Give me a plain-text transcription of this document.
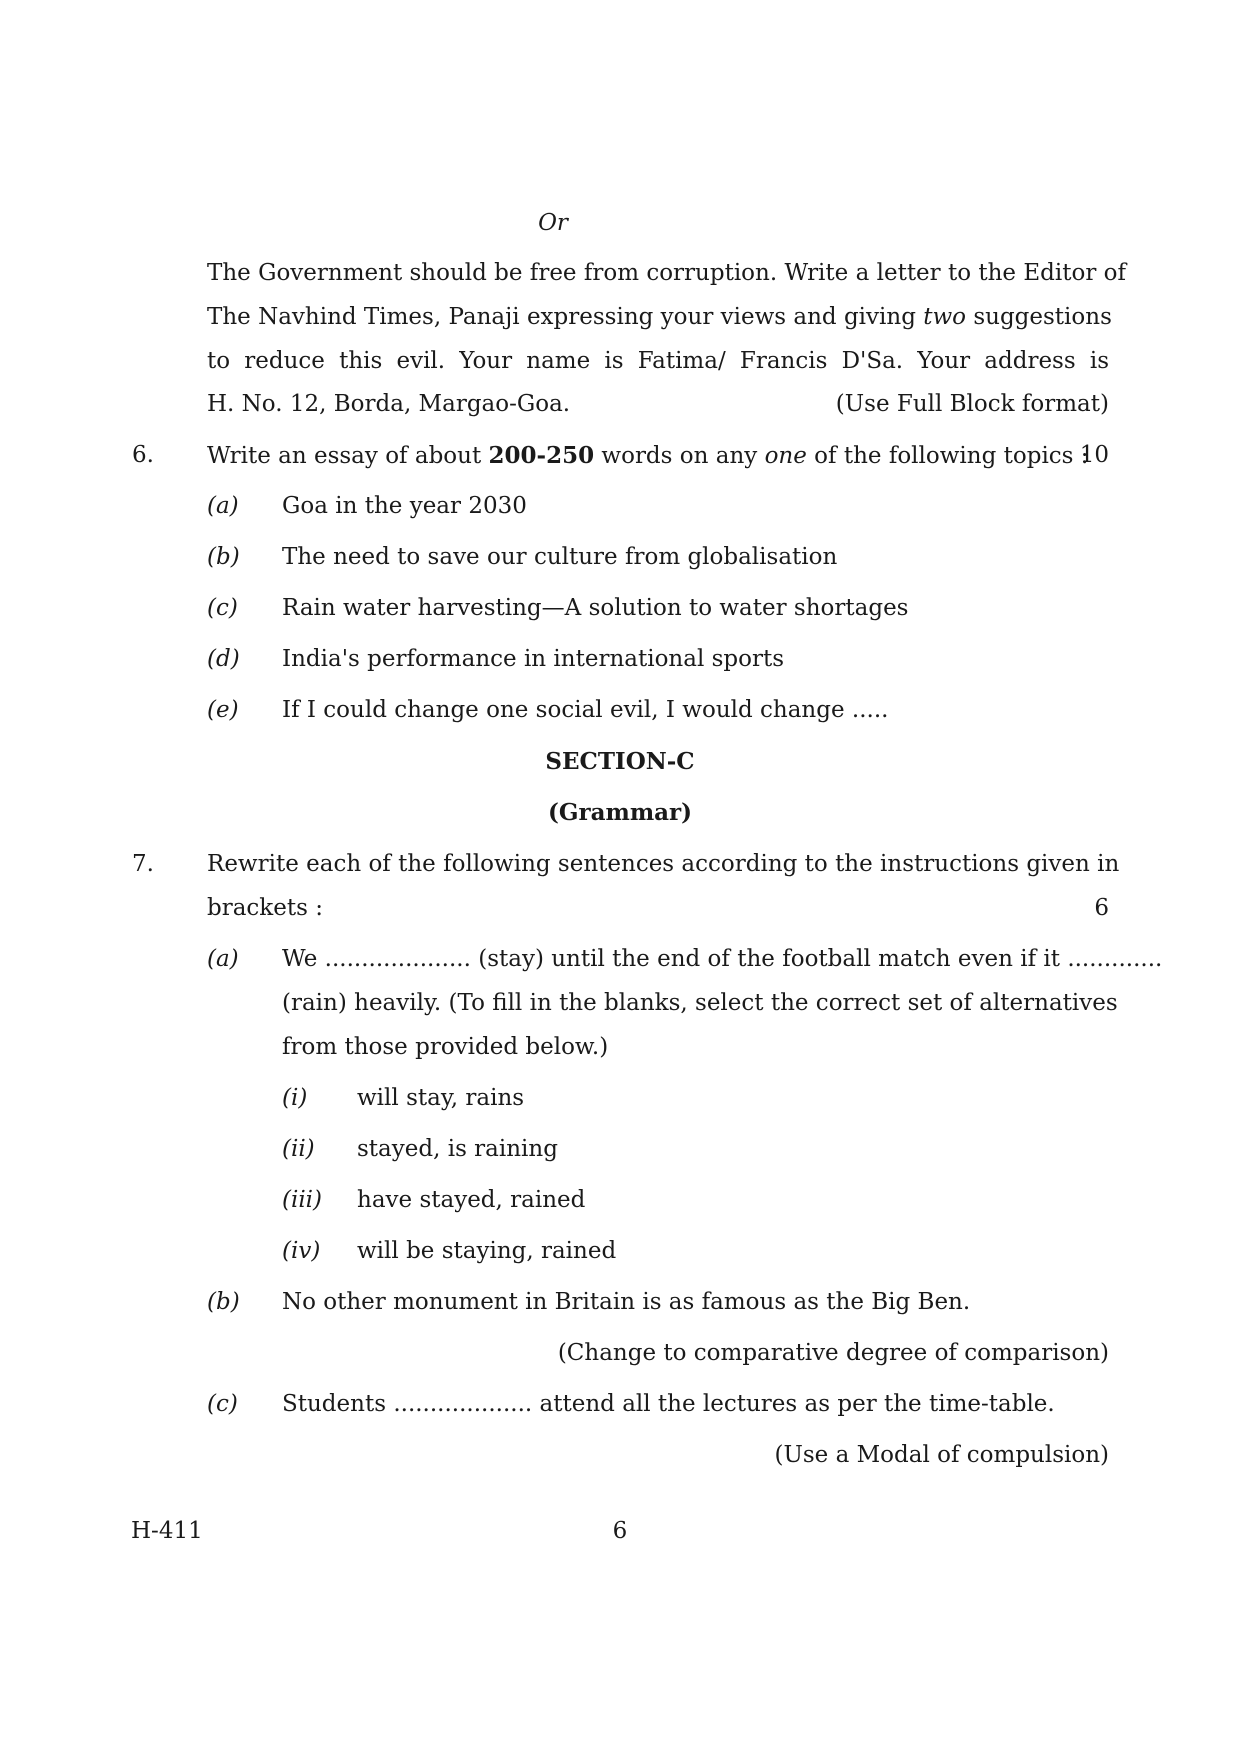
Or
The Government should be free from corruption. Write a letter to the Editor of
The Navhind Times, Panaji expressing your views and giving two suggestions
to reduce this evil. Your name is Fatima/ Francis D'Sa. Your address is
H. No. 12, Borda, Margao-Goa.	(Use Full Block format)
6. Write an essay of about 200-250 words on any one of the following topics :
10
(a) Goa in the year 2030
(b) The need to save our culture from globalisation
(c) Rain water harvesting—A solution to water shortages
(d) India's performance in international sports
(e) If I could change one social evil, I would change .....
SECTION-C
(Grammar)
7. Rewrite each of the following sentences according to the instructions given in
brackets :	6
(a) We .................... (stay) until the end of the football match even if it .............
(rain) heavily. (To fill in the blanks, select the correct set of alternatives
from those provided below.)
(i) will stay, rains
(ii) stayed, is raining
(iii) have stayed, rained
(iv) will be staying, rained
(b) No other monument in Britain is as famous as the Big Ben.
(Change to comparative degree of comparison)
(c) Students ................... attend all the lectures as per the time-table.
(Use a Modal of compulsion)
H-411	6
